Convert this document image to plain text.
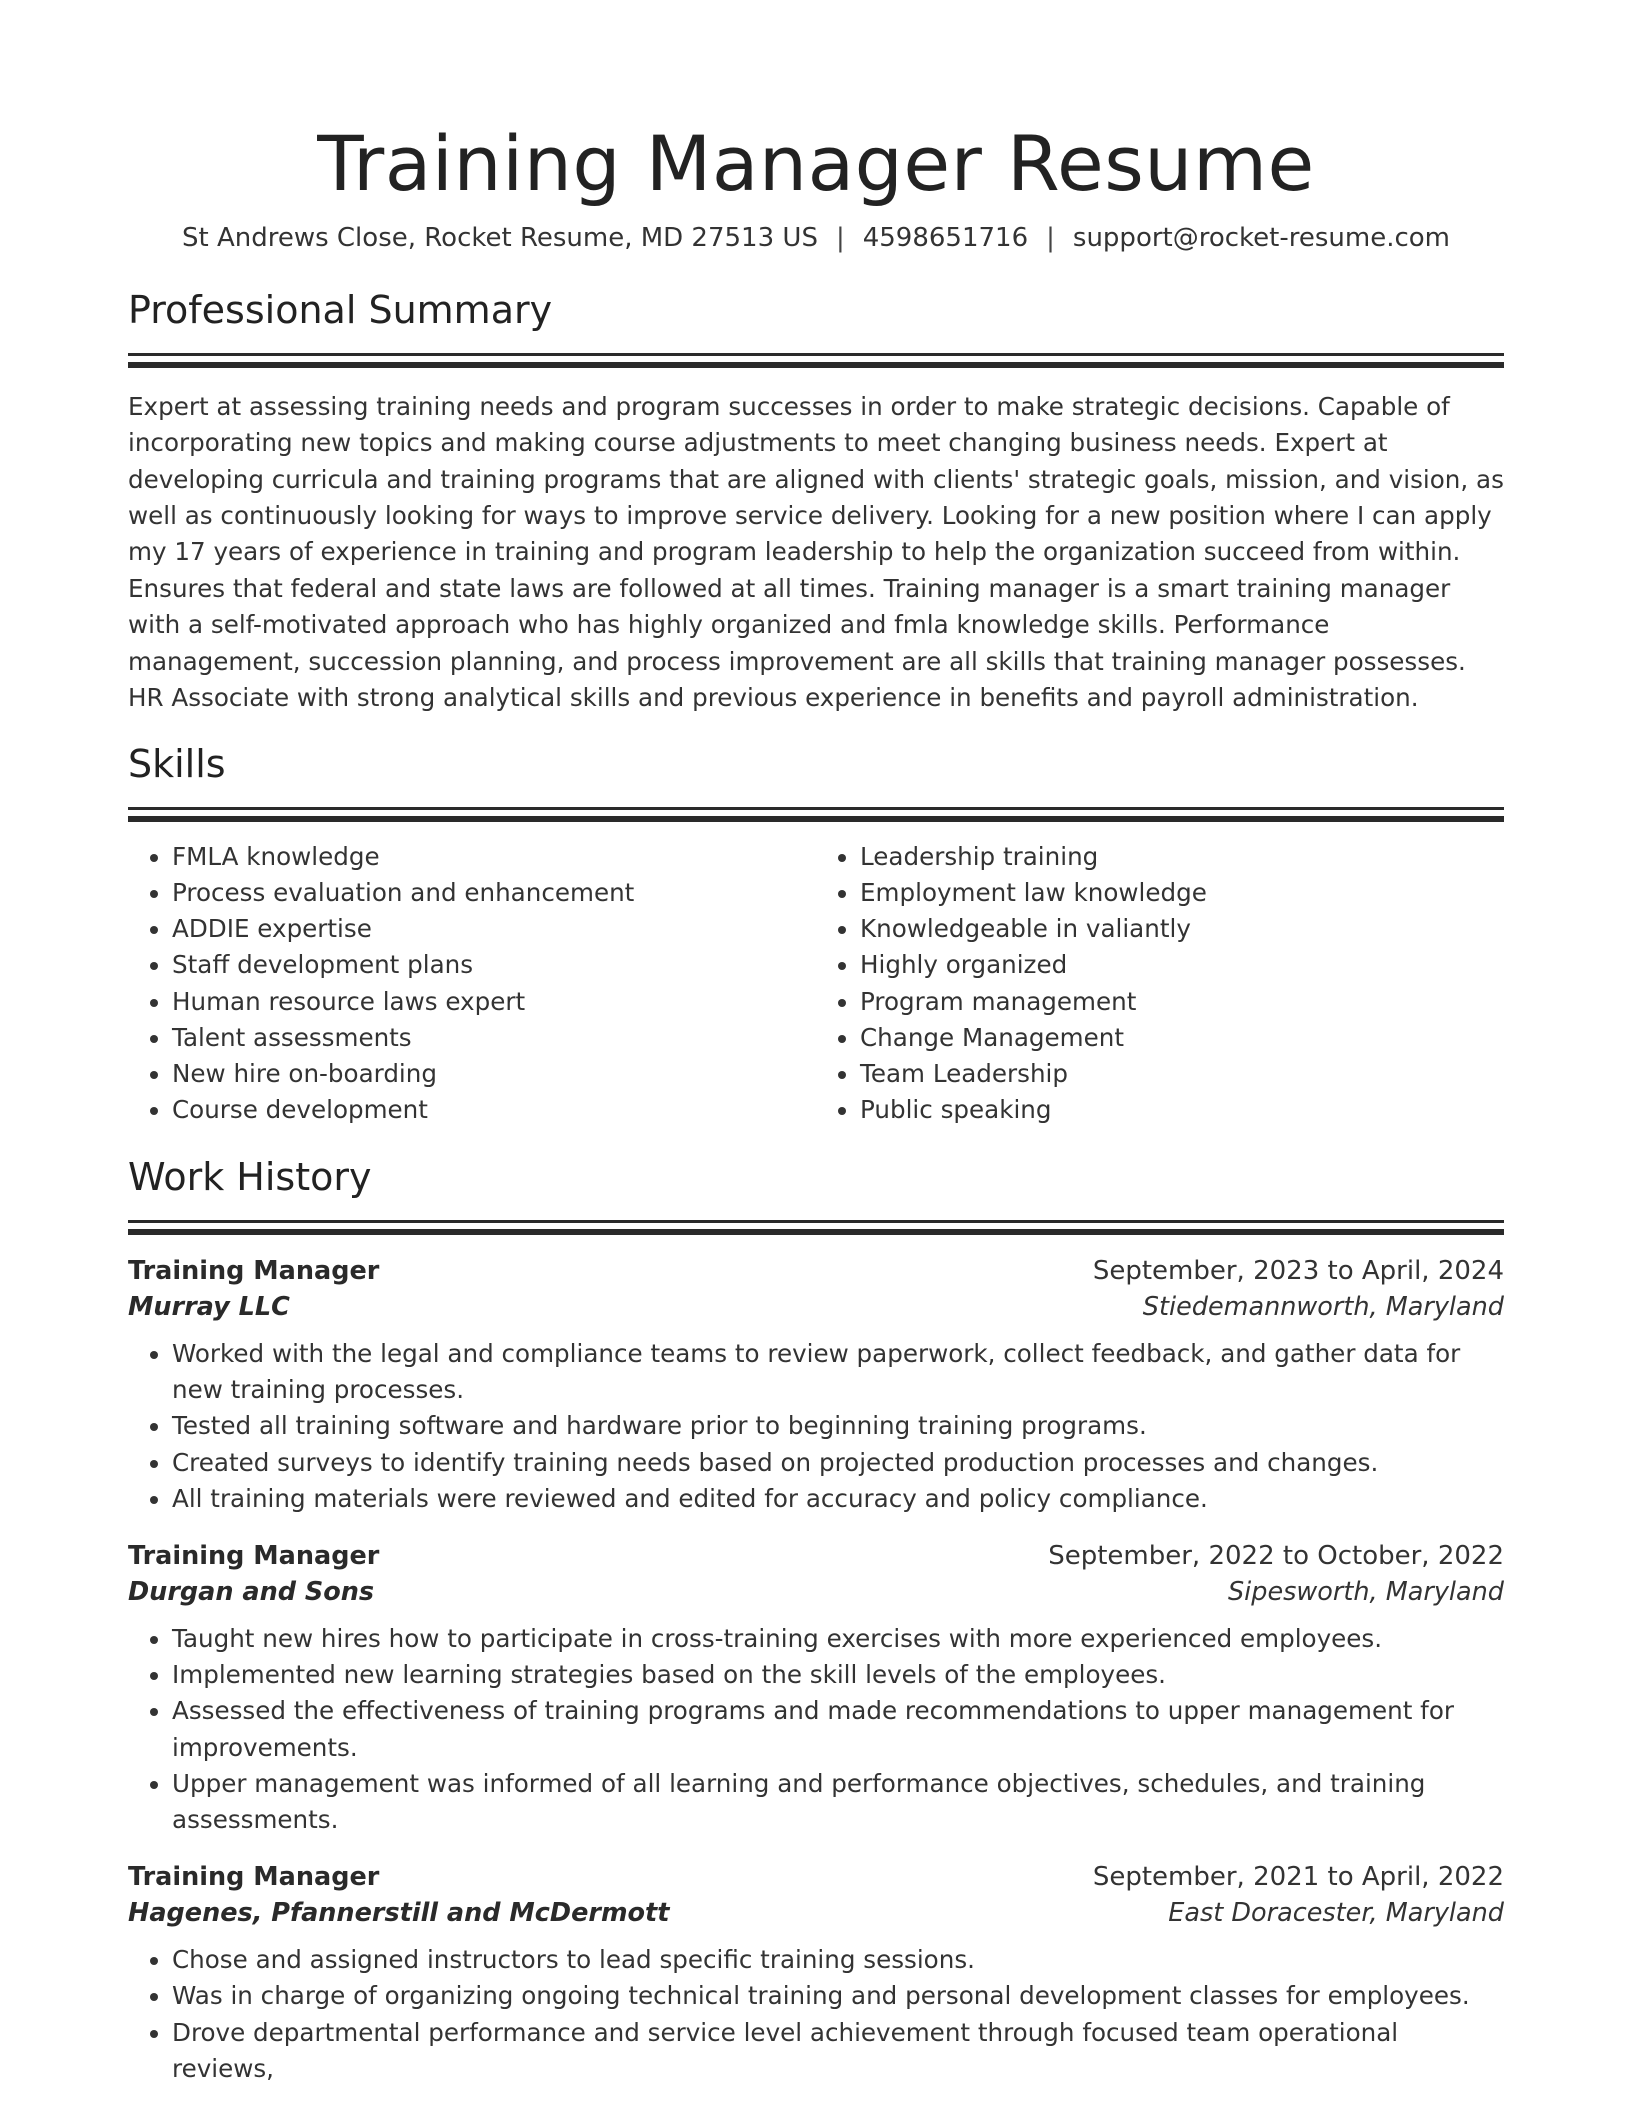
Training Manager Resume
St Andrews Close, Rocket Resume, MD 27513 US | 4598651716 | support@rocket-resume.com
Professional Summary

Expert at assessing training needs and program successes in order to make strategic decisions. Capable of incorporating new topics and making course adjustments to meet changing business needs. Expert at developing curricula and training programs that are aligned with clients' strategic goals, mission, and vision, as well as continuously looking for ways to improve service delivery. Looking for a new position where I can apply my 17 years of experience in training and program leadership to help the organization succeed from within. Ensures that federal and state laws are followed at all times. Training manager is a smart training manager with a self-motivated approach who has highly organized and fmla knowledge skills. Performance management, succession planning, and process improvement are all skills that training manager possesses. HR Associate with strong analytical skills and previous experience in benefits and payroll administration.

Skills
• FMLA knowledge
• Process evaluation and enhancement
• ADDIE expertise
• Staff development plans
• Human resource laws expert
• Talent assessments
• New hire on-boarding
• Course development
• Leadership training
• Employment law knowledge
• Knowledgeable in valiantly
• Highly organized
• Program management
• Change Management
• Team Leadership
• Public speaking
Work History
Training Manager	September, 2023 to April, 2024
Murray LLC	Stiedemannworth, Maryland
• Worked with the legal and compliance teams to review paperwork, collect feedback, and gather data for new training processes.
• Tested all training software and hardware prior to beginning training programs.
• Created surveys to identify training needs based on projected production processes and changes.
• All training materials were reviewed and edited for accuracy and policy compliance.
Training Manager	September, 2022 to October, 2022
Durgan and Sons	Sipesworth, Maryland
• Taught new hires how to participate in cross-training exercises with more experienced employees.
• Implemented new learning strategies based on the skill levels of the employees.
• Assessed the effectiveness of training programs and made recommendations to upper management for improvements.
• Upper management was informed of all learning and performance objectives, schedules, and training assessments.
Training Manager	September, 2021 to April, 2022
Hagenes, Pfannerstill and McDermott	East Doracester, Maryland
• Chose and assigned instructors to lead specific training sessions.
• Was in charge of organizing ongoing technical training and personal development classes for employees.
• Drove departmental performance and service level achievement through focused team operational reviews,
